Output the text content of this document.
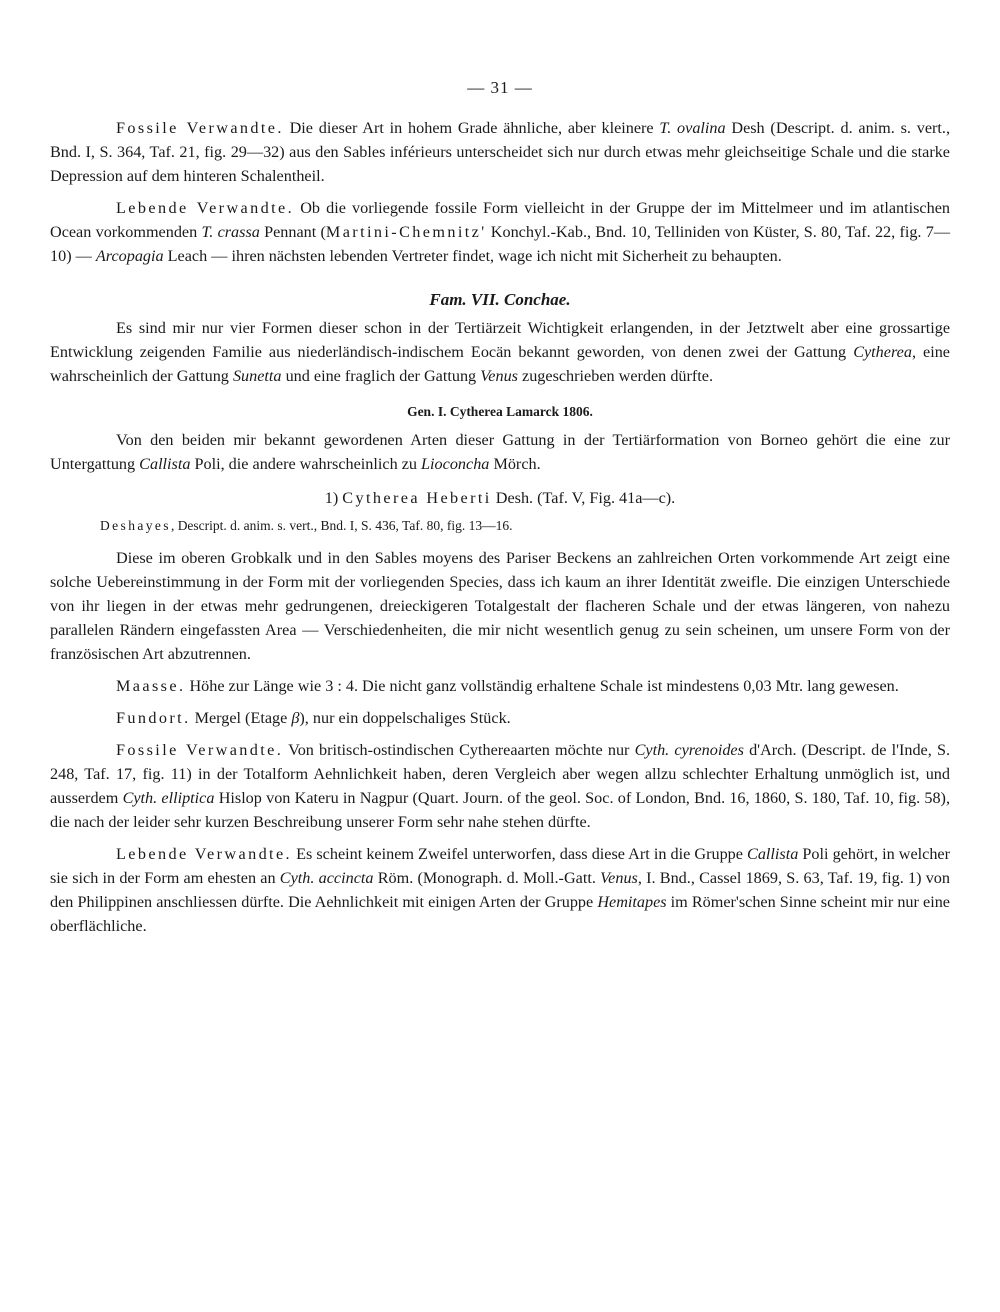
— 31 —

Fossile Verwandte. Die dieser Art in hohem Grade ähnliche, aber kleinere T. ovalina Desh (Descript. d. anim. s. vert., Bnd. I, S. 364, Taf. 21, fig. 29—32) aus den Sables inférieurs unterscheidet sich nur durch etwas mehr gleichseitige Schale und die starke Depression auf dem hinteren Schalentheil.

Lebende Verwandte. Ob die vorliegende fossile Form vielleicht in der Gruppe der im Mittelmeer und im atlantischen Ocean vorkommenden T. crassa Pennant (Martini-Chemnitz' Konchyl.-Kab., Bnd. 10, Telliniden von Küster, S. 80, Taf. 22, fig. 7—10) — Arcopagia Leach — ihren nächsten lebenden Vertreter findet, wage ich nicht mit Sicherheit zu behaupten.

Fam. VII. Conchae.

Es sind mir nur vier Formen dieser schon in der Tertiärzeit Wichtigkeit erlangenden, in der Jetztwelt aber eine grossartige Entwicklung zeigenden Familie aus niederländisch-indischem Eocän bekannt geworden, von denen zwei der Gattung Cytherea, eine wahrscheinlich der Gattung Sunetta und eine fraglich der Gattung Venus zugeschrieben werden dürfte.

Gen. I. Cytherea Lamarck 1806.

Von den beiden mir bekannt gewordenen Arten dieser Gattung in der Tertiärformation von Borneo gehört die eine zur Untergattung Callista Poli, die andere wahrscheinlich zu Lioconcha Mörch.

1) Cytherea Heberti Desh. (Taf. V, Fig. 41a—c).

Deshayes, Descript. d. anim. s. vert., Bnd. I, S. 436, Taf. 80, fig. 13—16.

Diese im oberen Grobkalk und in den Sables moyens des Pariser Beckens an zahlreichen Orten vorkommende Art zeigt eine solche Uebereinstimmung in der Form mit der vorliegenden Species, dass ich kaum an ihrer Identität zweifle. Die einzigen Unterschiede von ihr liegen in der etwas mehr gedrungenen, dreieckigeren Totalgestalt der flacheren Schale und der etwas längeren, von nahezu parallelen Rändern eingefassten Area — Verschiedenheiten, die mir nicht wesentlich genug zu sein scheinen, um unsere Form von der französischen Art abzutrennen.

Maasse. Höhe zur Länge wie 3 : 4. Die nicht ganz vollständig erhaltene Schale ist mindestens 0,03 Mtr. lang gewesen.

Fundort. Mergel (Etage β), nur ein doppelschaliges Stück.

Fossile Verwandte. Von britisch-ostindischen Cythereaarten möchte nur Cyth. cyrenoides d'Arch. (Descript. de l'Inde, S. 248, Taf. 17, fig. 11) in der Totalform Aehnlichkeit haben, deren Vergleich aber wegen allzu schlechter Erhaltung unmöglich ist, und ausserdem Cyth. elliptica Hislop von Kateru in Nagpur (Quart. Journ. of the geol. Soc. of London, Bnd. 16, 1860, S. 180, Taf. 10, fig. 58), die nach der leider sehr kurzen Beschreibung unserer Form sehr nahe stehen dürfte.

Lebende Verwandte. Es scheint keinem Zweifel unterworfen, dass diese Art in die Gruppe Callista Poli gehört, in welcher sie sich in der Form am ehesten an Cyth. accincta Röm. (Monograph. d. Moll.-Gatt. Venus, I. Bnd., Cassel 1869, S. 63, Taf. 19, fig. 1) von den Philippinen anschliessen dürfte. Die Aehnlichkeit mit einigen Arten der Gruppe Hemitapes im Römer'schen Sinne scheint mir nur eine oberflächliche.
